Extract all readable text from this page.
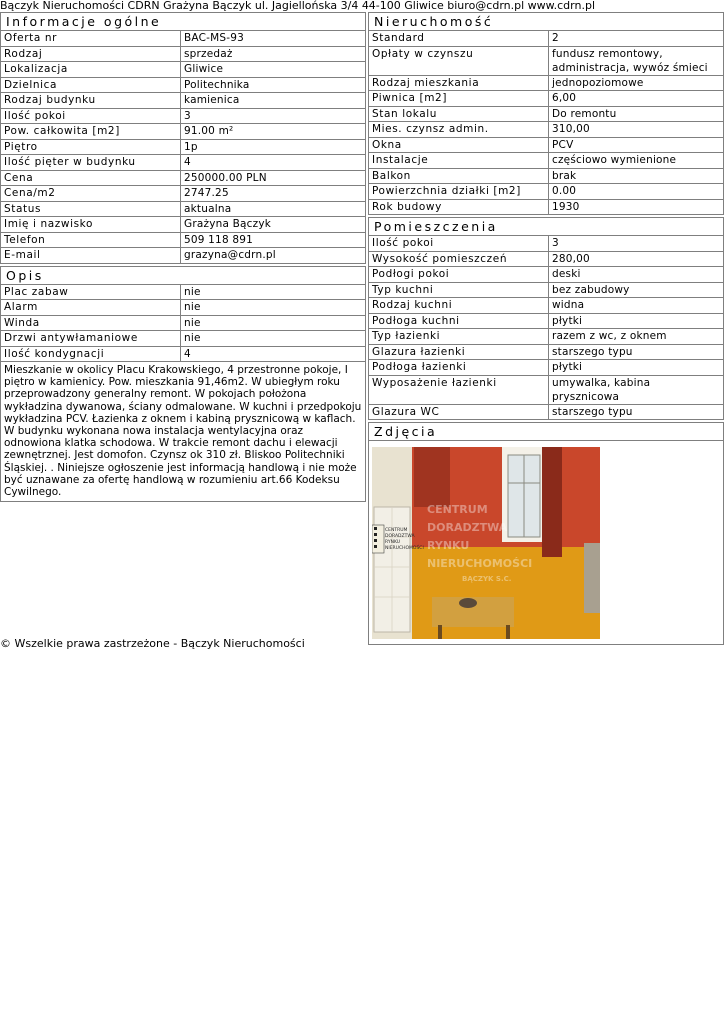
Bączyk Nieruchomości CDRN Grażyna Bączyk ul. Jagiellońska 3/4 44-100 Gliwice biuro@cdrn.pl www.cdrn.pl
Informacje ogólne
Oferta nr	BAC-MS-93
Rodzaj	sprzedaż
Lokalizacja	Gliwice
Dzielnica	Politechnika
Rodzaj budynku	kamienica
Ilość pokoi	3
Pow. całkowita [m2]	91.00 m²
Piętro	1p
Ilość pięter w budynku	4
Cena	250000.00 PLN
Cena/m2	2747.25
Status	aktualna
Imię i nazwisko	Grażyna Bączyk
Telefon	509 118 891
E-mail	grazyna@cdrn.pl
Opis
Plac zabaw	nie
Alarm	nie
Winda	nie
Drzwi antywłamaniowe	nie
Ilość kondygnacji	4
Mieszkanie w okolicy Placu Krakowskiego, 4 przestronne pokoje, I piętro w kamienicy. Pow. mieszkania 91,46m2. W ubiegłym roku przeprowadzony generalny remont. W pokojach położona wykładzina dywanowa, ściany odmalowane. W kuchni i przedpokoju wykładzina PCV. Łazienka z oknem i kabiną prysznicową w kaflach. W budynku wykonana nowa instalacja wentylacyjna oraz odnowiona klatka schodowa. W trakcie remont dachu i elewacji zewnętrznej. Jest domofon. Czynsz ok 310 zł. Bliskoo Politechniki Śląskiej. . Niniejsze ogłoszenie jest informacją handlową i nie może być uznawane za ofertę handlową w rozumieniu art.66 Kodeksu Cywilnego.
Nieruchomość
Standard	2
Opłaty w czynszu	fundusz remontowy, administracja, wywóz śmieci
Rodzaj mieszkania	jednopoziomowe
Piwnica [m2]	6,00
Stan lokalu	Do remontu
Mies. czynsz admin.	310,00
Okna	PCV
Instalacje	częściowo wymienione
Balkon	brak
Powierzchnia działki [m2]	0.00
Rok budowy	1930
Pomieszczenia
Ilość pokoi	3
Wysokość pomieszczeń	280,00
Podłogi pokoi	deski
Typ kuchni	bez zabudowy
Rodzaj kuchni	widna
Podłoga kuchni	płytki
Typ łazienki	razem z wc, z oknem
Glazura łazienki	starszego typu
Podłoga łazienki	płytki
Wyposażenie łazienki	umywalka, kabina prysznicowa
Glazura WC	starszego typu
Zdjęcia
CENTRUM
DORADZTWA
RYNKU
NIERUCHOMOŚCI
BĄCZYK S.C.
CENTRUM
DORADZTWA
RYNKU
NIERUCHOMOŚCI
© Wszelkie prawa zastrzeżone - Bączyk Nieruchomości
